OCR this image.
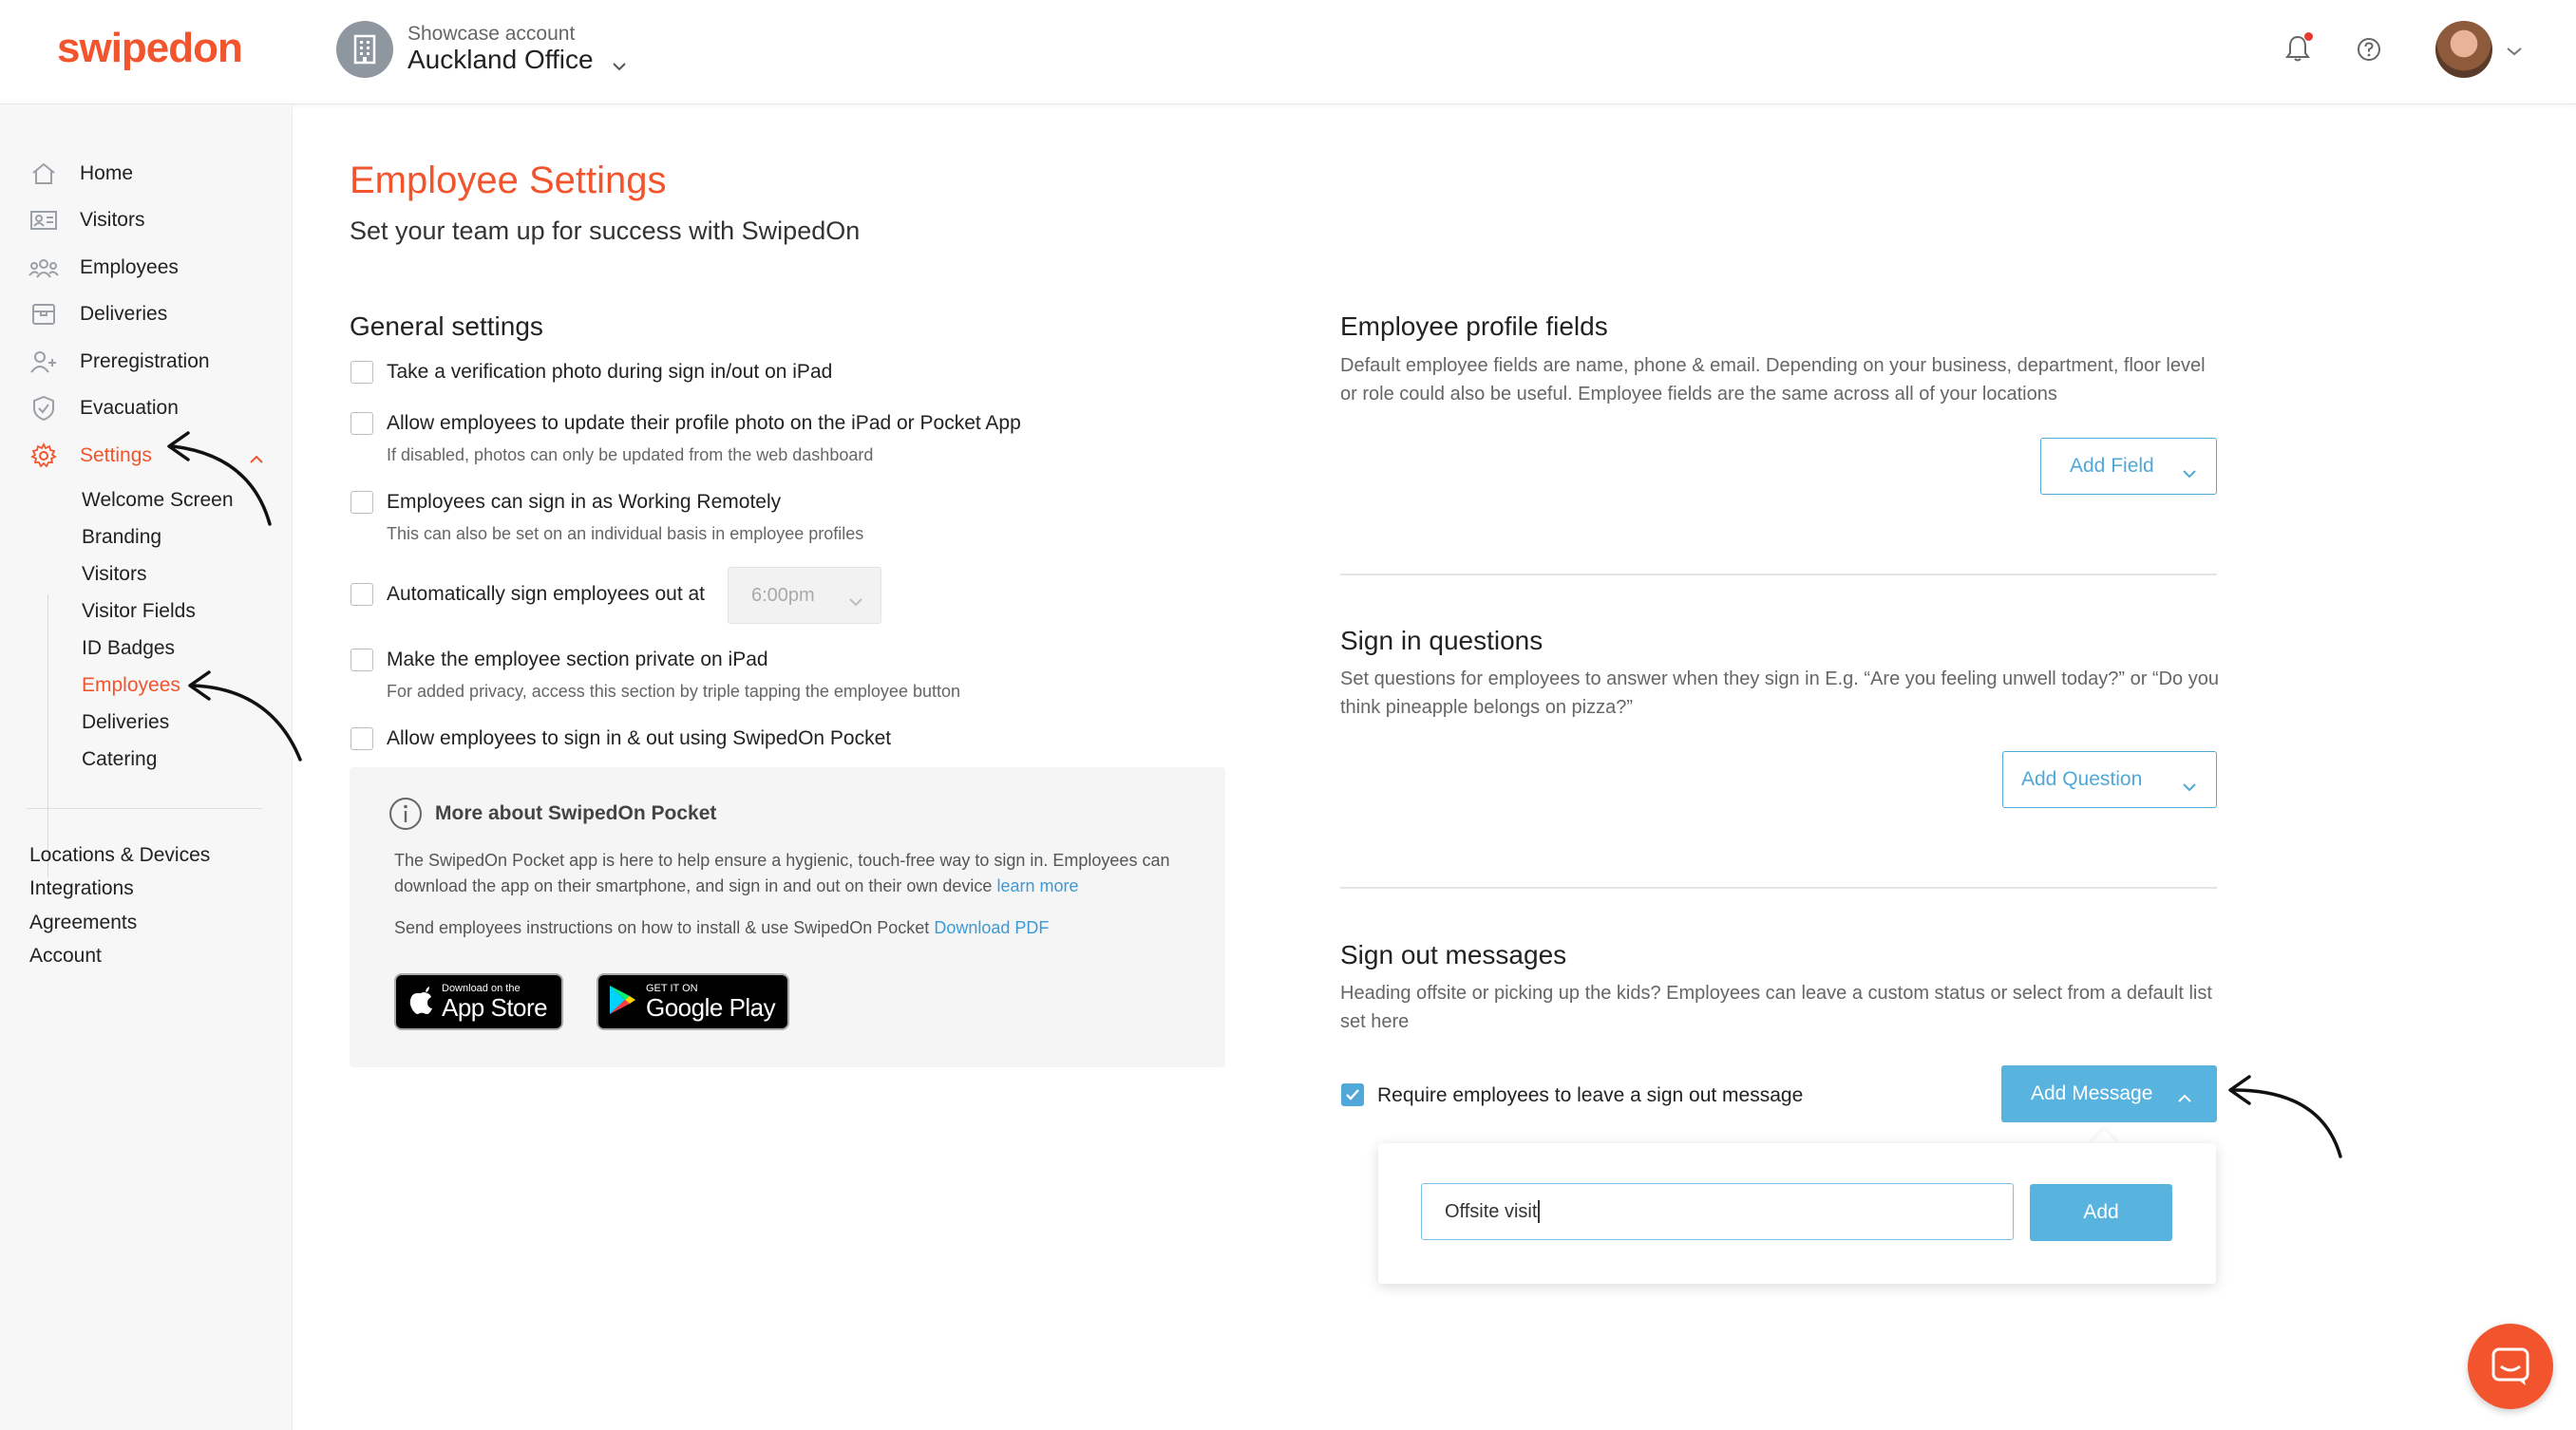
swipedon	Showcase account
Auckland Office
Home
Visitors
Employees
Deliveries
Preregistration
Evacuation
Settings
Welcome Screen
Branding
Visitors
Visitor Fields
ID Badges
Employees
Deliveries
Catering
Locations & Devices
Integrations
Agreements
Account
Employee Settings
Set your team up for success with SwipedOn
General settings
Take a verification photo during sign in/out on iPad
Allow employees to update their profile photo on the iPad or Pocket App
If disabled, photos can only be updated from the web dashboard
Employees can sign in as Working Remotely
This can also be set on an individual basis in employee profiles
Automatically sign employees out at 6:00pm
Make the employee section private on iPad
For added privacy, access this section by triple tapping the employee button
Allow employees to sign in & out using SwipedOn Pocket
More about SwipedOn Pocket
The SwipedOn Pocket app is here to help ensure a hygienic, touch-free way to sign in. Employees can download the app on their smartphone, and sign in and out on their own device learn more
Send employees instructions on how to install & use SwipedOn Pocket Download PDF
Download on the
App Store
GET IT ON
Google Play
Employee profile fields
Default employee fields are name, phone & email. Depending on your business, department, floor level or role could also be useful. Employee fields are the same across all of your locations
Add Field
Sign in questions
Set questions for employees to answer when they sign in E.g. “Are you feeling unwell today?” or “Do you think pineapple belongs on pizza?”
Add Question
Sign out messages
Heading offsite or picking up the kids? Employees can leave a custom status or select from a default list set here
Require employees to leave a sign out message	Add Message
Offsite visit	Add
